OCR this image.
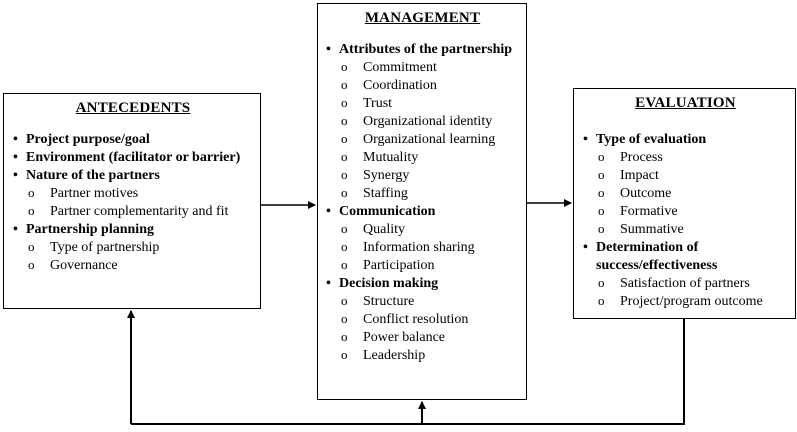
ANTECEDENTS
• Project purpose/goal
• Environment (facilitator or barrier)
• Nature of the partners
o Partner motives
o Partner complementarity and fit
• Partnership planning
o Type of partnership
o Governance
MANAGEMENT
• Attributes of the partnership
o Commitment
o Coordination
o Trust
o Organizational identity
o Organizational learning
o Mutuality
o Synergy
o Staffing
• Communication
o Quality
o Information sharing
o Participation
• Decision making
o Structure
o Conflict resolution
o Power balance
o Leadership
EVALUATION
• Type of evaluation
o Process
o Impact
o Outcome
o Formative
o Summative
• Determination of success/effectiveness
o Satisfaction of partners
o Project/program outcome
